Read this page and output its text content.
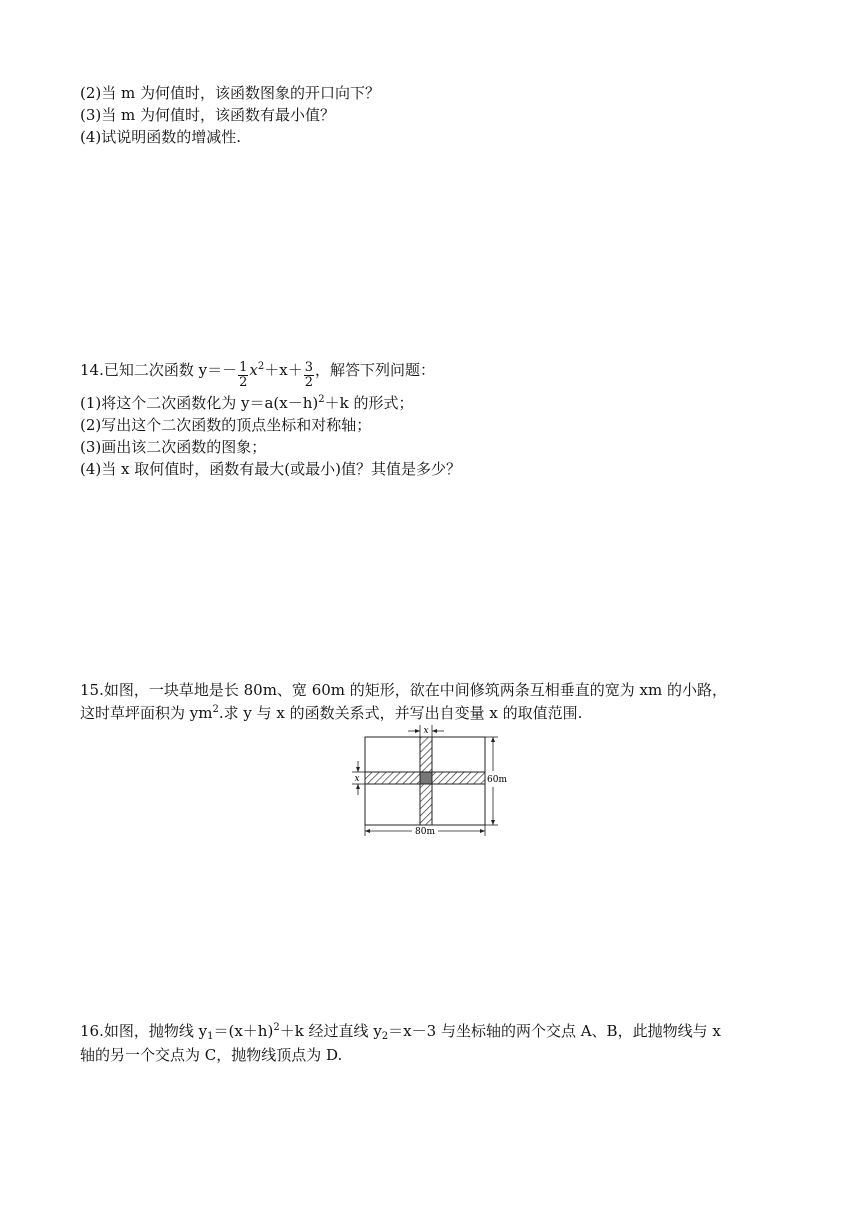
(2)当 m 为何值时，该函数图象的开口向下？
(3)当 m 为何值时，该函数有最小值？
(4)试说明函数的增减性.
14.已知二次函数 $y=- \frac{1}{2} x^2+x+ \frac{3}{2}$ ，解答下列问题：
(1)将这个二次函数化为 $y=a(x-h)^2+k$ 的形式；
(2)写出这个二次函数的顶点坐标和对称轴；
(3)画出该二次函数的图象；
(4)当 x 取何值时，函数有最大(或最小)值？其值是多少？
15.如图，一块草地是长 80m、宽 60m 的矩形，欲在中间修筑两条互相垂直的宽为 xm 的小路，
这时草坪面积为 $ym^2$.求 y 与 x 的函数关系式，并写出自变量 x 的取值范围.
x
x	60m
80m
16.如图，抛物线 $y_1=(x+h)^2+k$ 经过直线 $y_2=x-3$ 与坐标轴的两个交点 A、B，此抛物线与 x
轴的另一个交点为 C，抛物线顶点为 D.
